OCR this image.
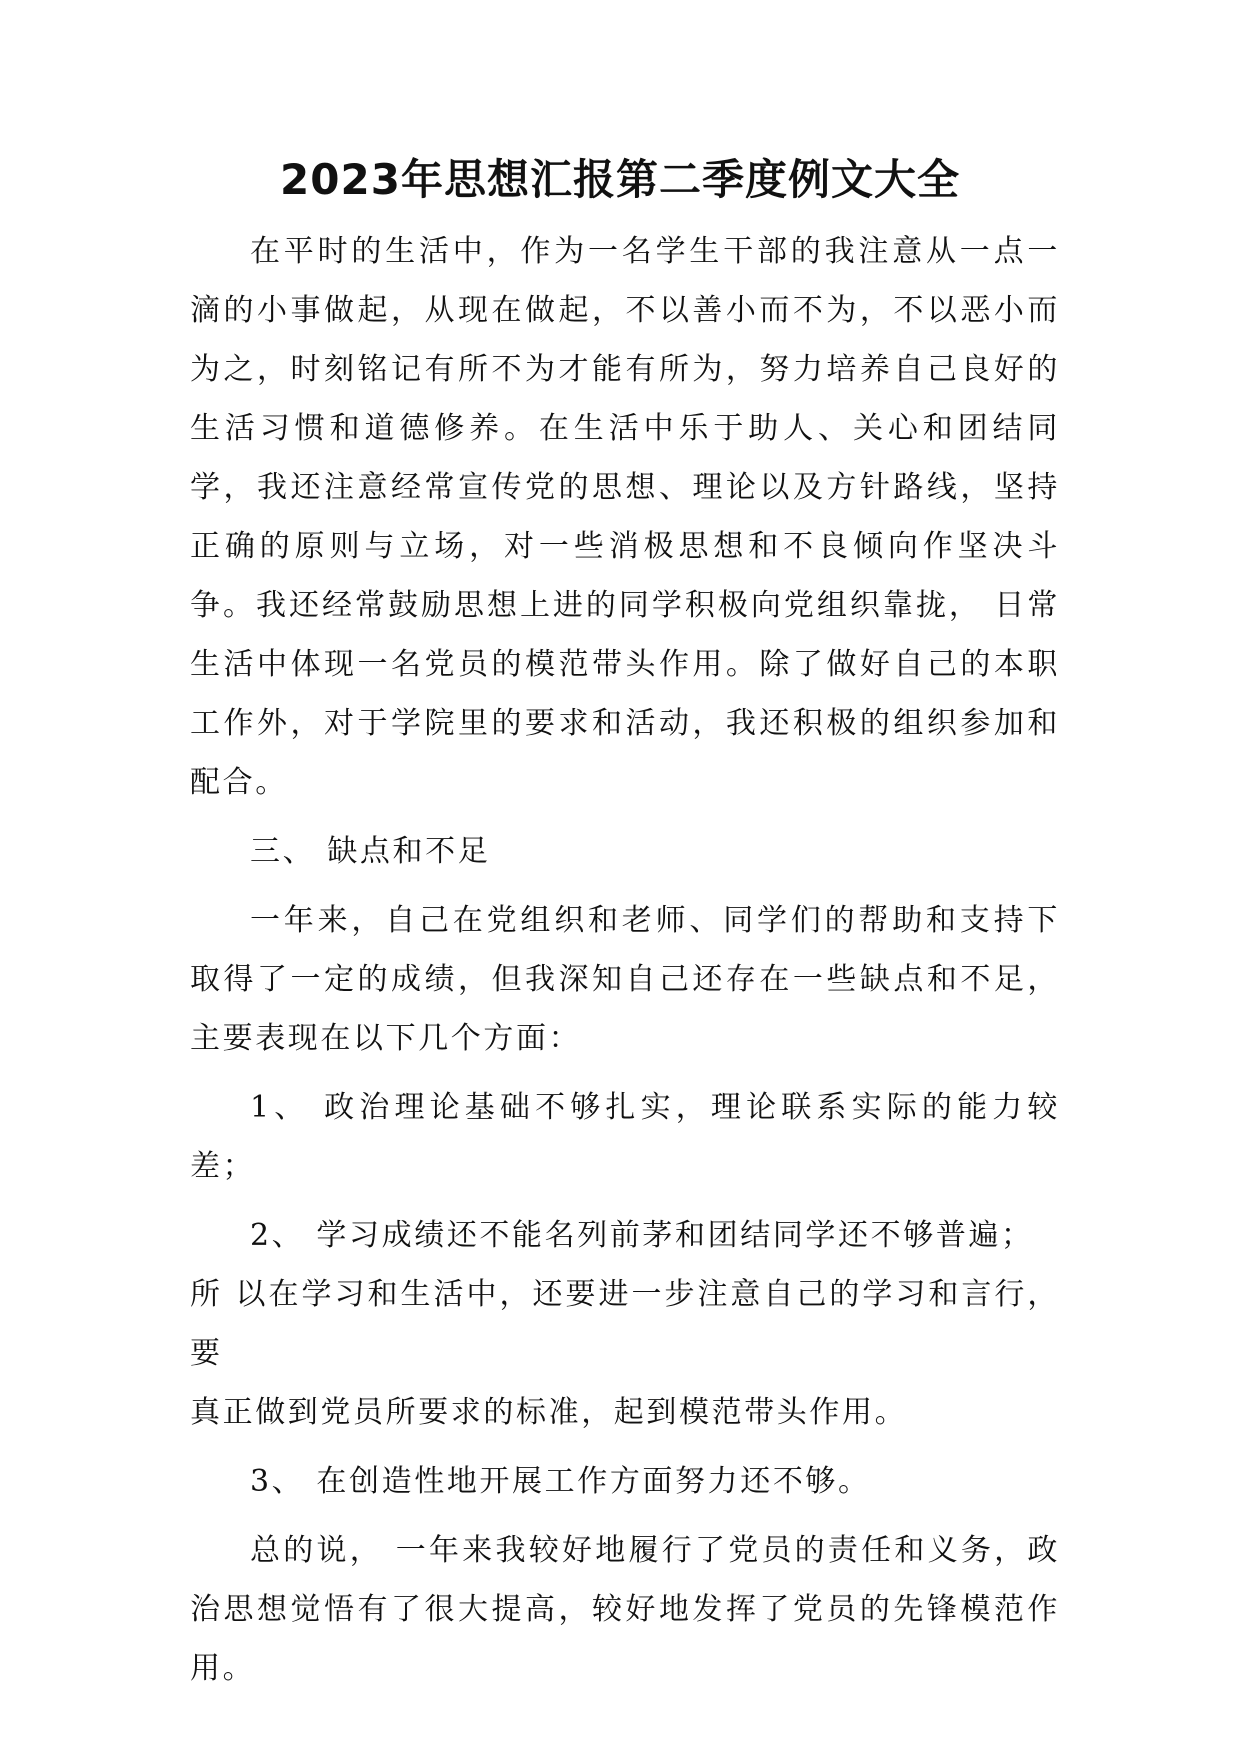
2023年思想汇报第二季度例文大全

在平时的生活中，作为一名学生干部的我注意从一点一滴的小事做起，从现在做起，不以善小而不为，不以恶小而为之，时刻铭记有所不为才能有所为，努力培养自己良好的生活习惯和道德修养。在生活中乐于助人、关心和团结同学，我还注意经常宣传党的思想、理论以及方针路线，坚持正确的原则与立场，对一些消极思想和不良倾向作坚决斗争。我还经常鼓励思想上进的同学积极向党组织靠拢， 日常生活中体现一名党员的模范带头作用。除了做好自己的本职工作外，对于学院里的要求和活动，我还积极的组织参加和配合。

三、 缺点和不足

一年来，自己在党组织和老师、同学们的帮助和支持下取得了一定的成绩，但我深知自己还存在一些缺点和不足，主要表现在以下几个方面：

1、 政治理论基础不够扎实，理论联系实际的能力较差；

2、 学习成绩还不能名列前茅和团结同学还不够普遍；

所 以在学习和生活中，还要进一步注意自己的学习和言行，要

真正做到党员所要求的标准，起到模范带头作用。

3、 在创造性地开展工作方面努力还不够。

总的说， 一年来我较好地履行了党员的责任和义务，政治思想觉悟有了很大提高，较好地发挥了党员的先锋模范作用。
